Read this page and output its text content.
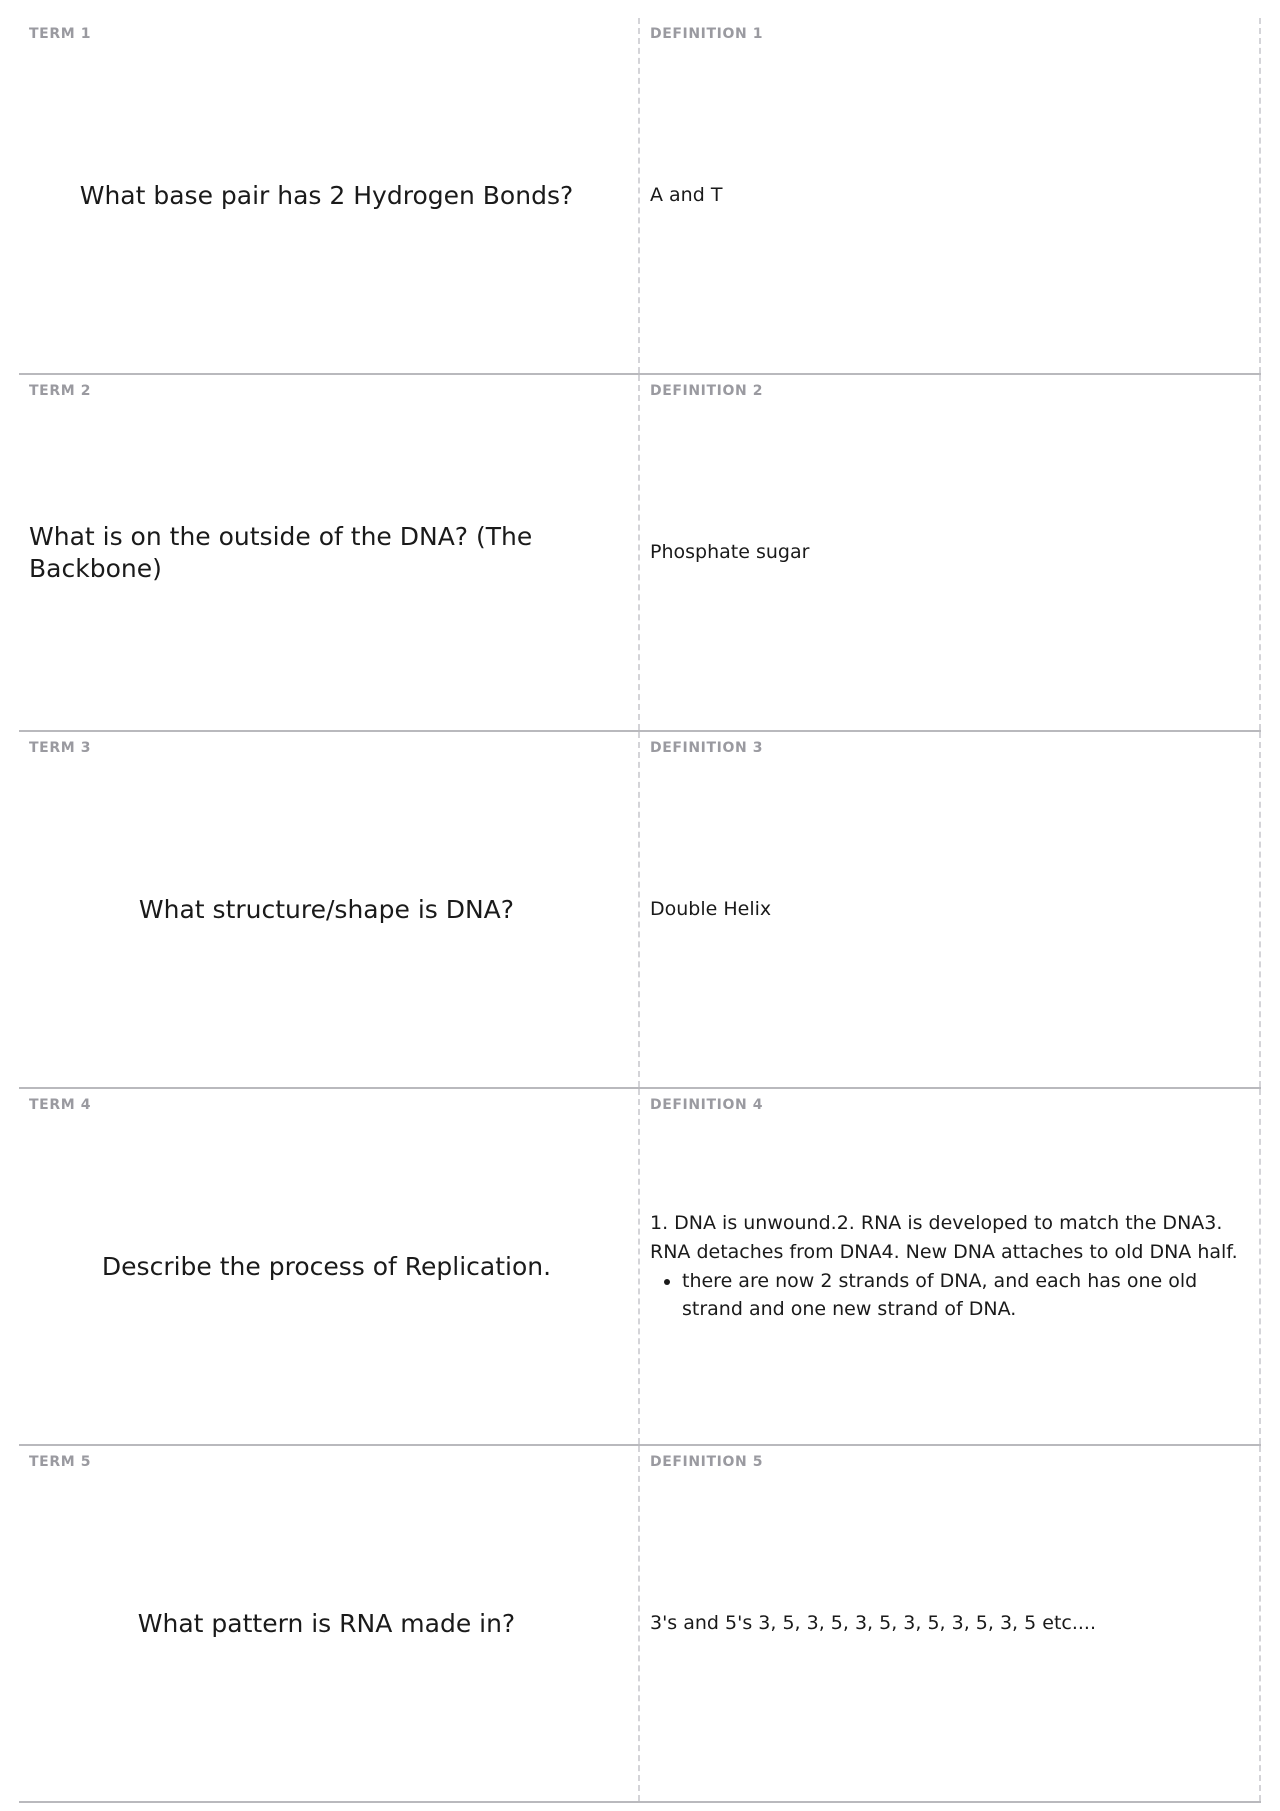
TERM 1
What base pair has 2 Hydrogen Bonds?
DEFINITION 1

A and T

TERM 2
What is on the outside of the DNA? (The Backbone)
DEFINITION 2

Phosphate sugar

TERM 3
What structure/shape is DNA?
DEFINITION 3

Double Helix

TERM 4
Describe the process of Replication.
DEFINITION 4

1. DNA is unwound.2. RNA is developed to match the DNA3. RNA detaches from DNA4. New DNA attaches to old DNA half.

• there are now 2 strands of DNA, and each has one old strand and one new strand of DNA.
TERM 5
What pattern is RNA made in?
DEFINITION 5

3's and 5's 3, 5, 3, 5, 3, 5, 3, 5, 3, 5, 3, 5 etc....
